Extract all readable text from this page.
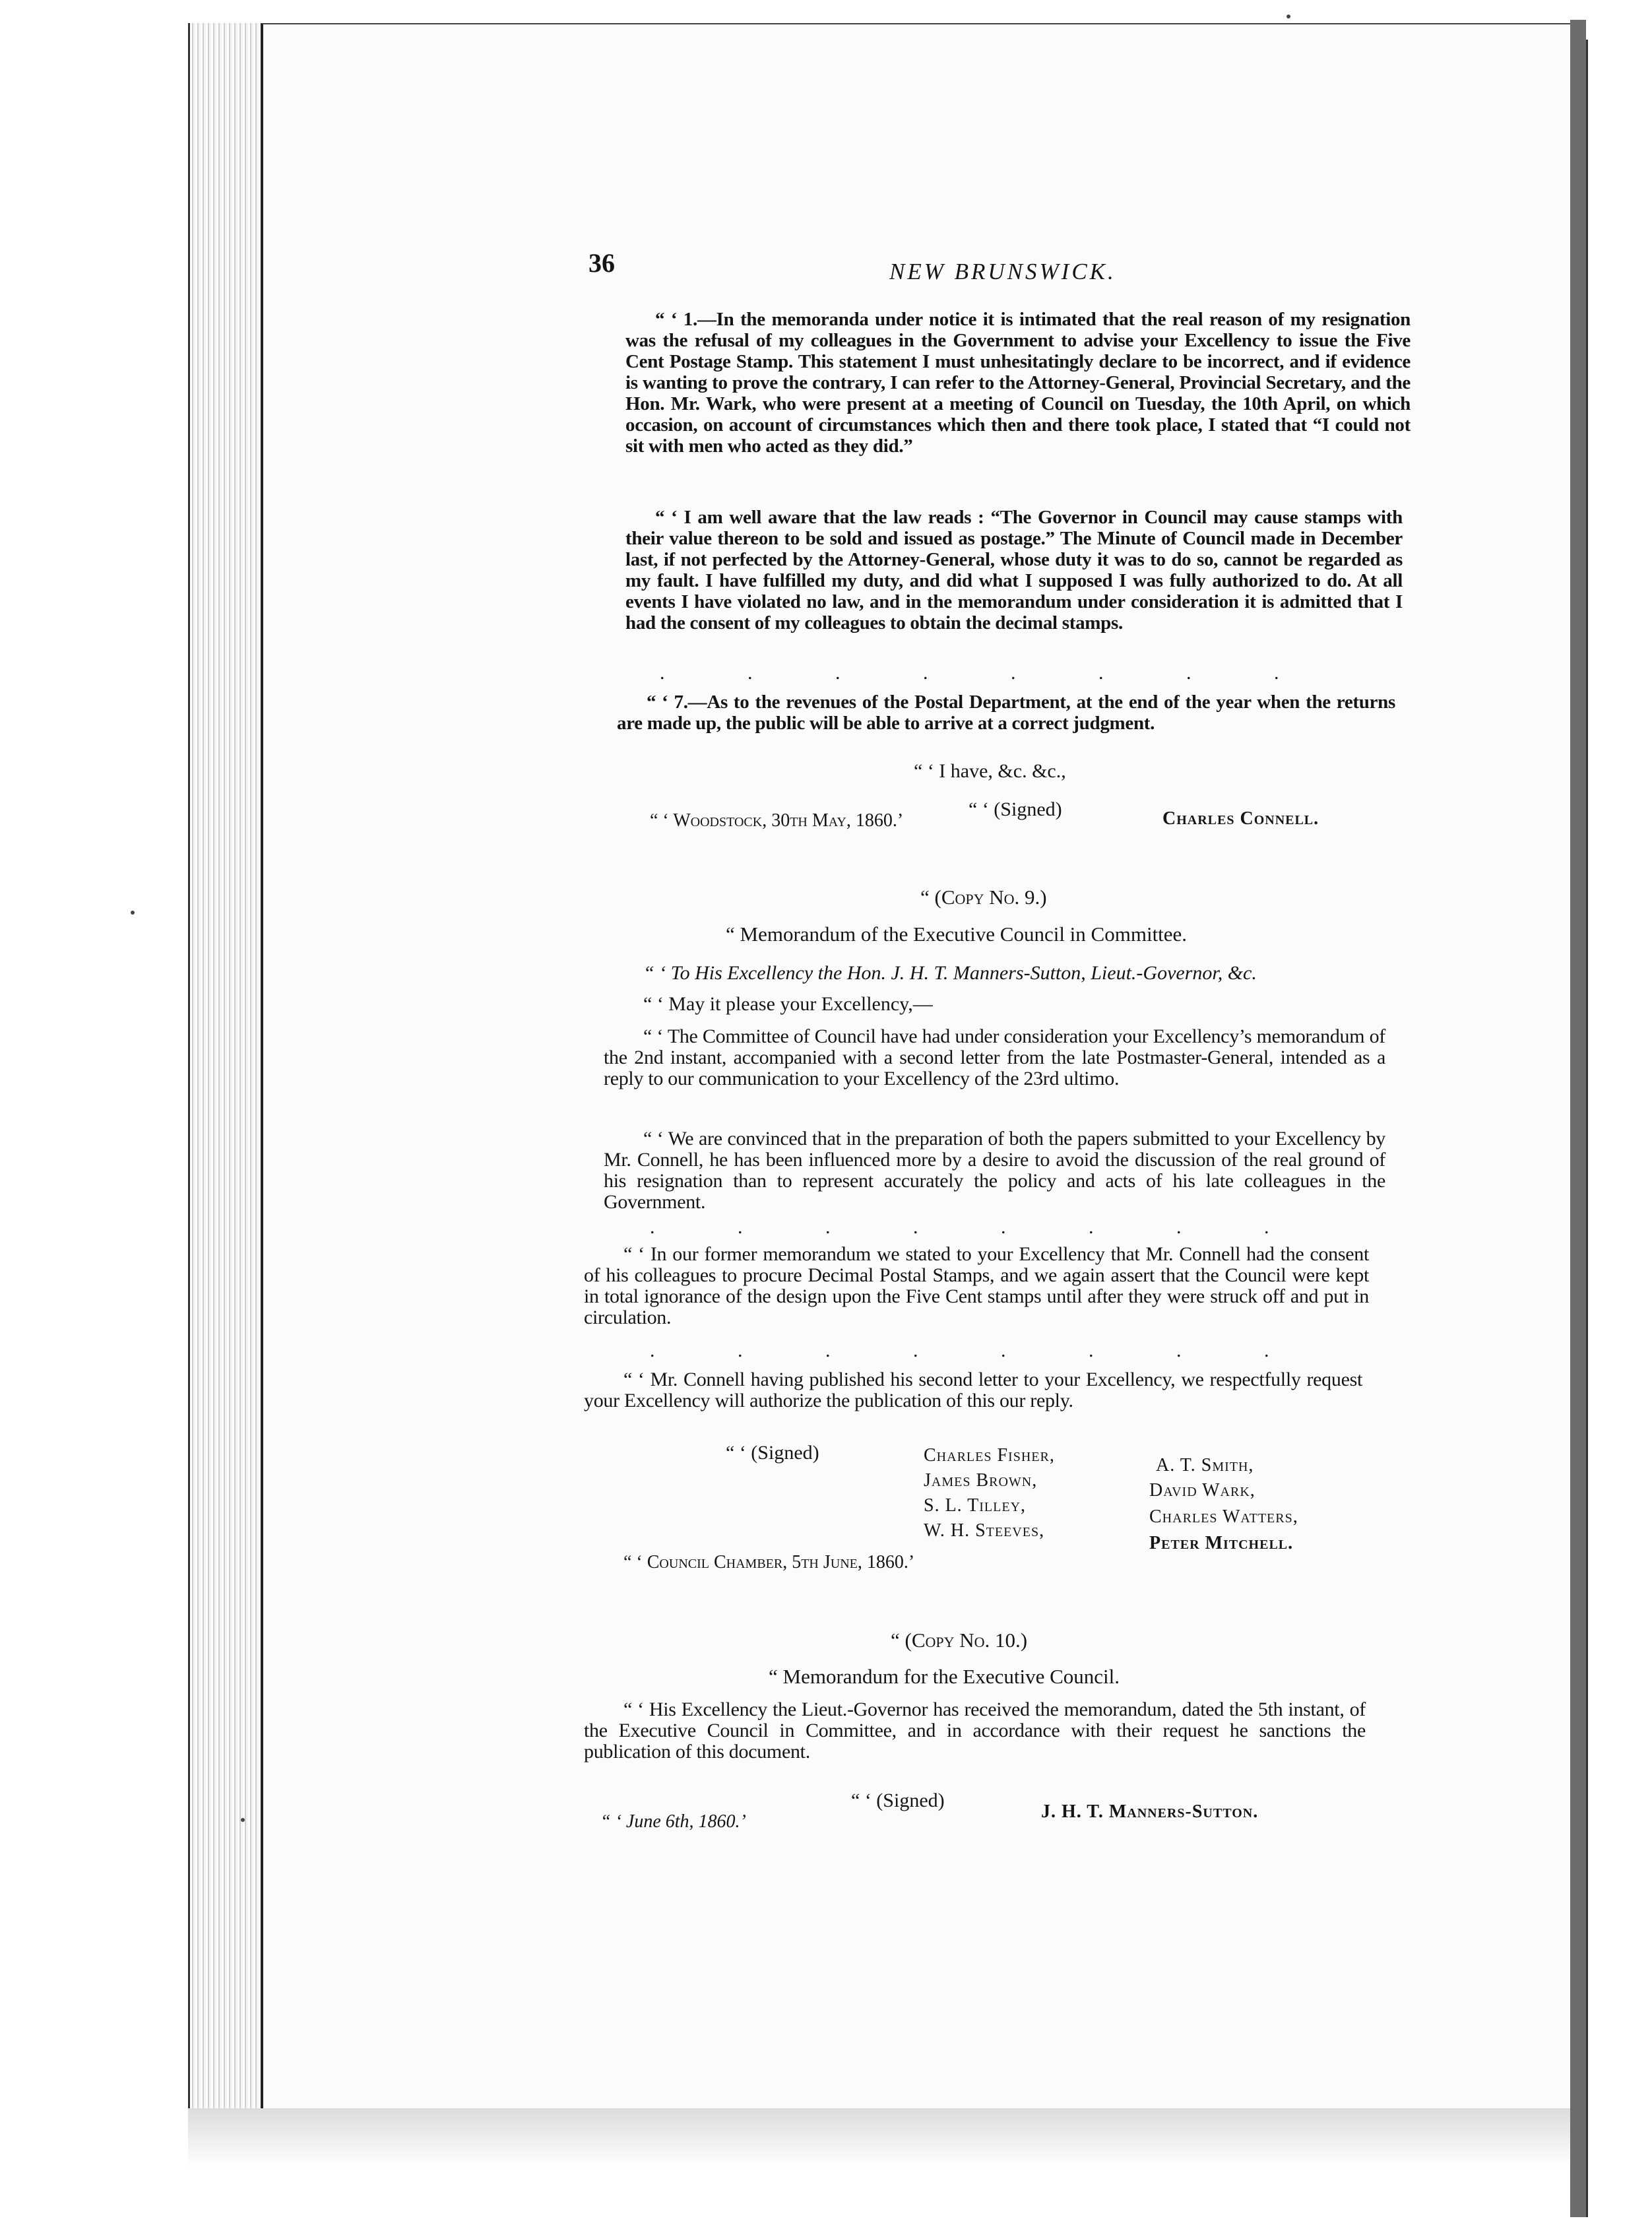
36	NEW BRUNSWICK.
“ ‘ 1.—In the memoranda under notice it is intimated that the real reason of my resignation was the refusal of my colleagues in the Government to advise your Excellency to issue the Five Cent Postage Stamp. This statement I must unhesitatingly declare to be incorrect, and if evidence is wanting to prove the contrary, I can refer to the Attorney-General, Provincial Secretary, and the Hon. Mr. Wark, who were present at a meeting of Council on Tuesday, the 10th April, on which occasion, on account of circumstances which then and there took place, I stated that “I could not sit with men who acted as they did.”
“ ‘ I am well aware that the law reads : “The Governor in Council may cause stamps with their value thereon to be sold and issued as postage.” The Minute of Council made in December last, if not perfected by the Attorney-General, whose duty it was to do so, cannot be regarded as my fault. I have fulfilled my duty, and did what I supposed I was fully authorized to do. At all events I have violated no law, and in the memorandum under consideration it is admitted that I had the consent of my colleagues to obtain the decimal stamps.
. . . . . . . .
“ ‘ 7.—As to the revenues of the Postal Department, at the end of the year when the returns are made up, the public will be able to arrive at a correct judgment.
“ ‘ I have, &c. &c.,
“ ‘ Woodstock, 30th May, 1860.’
“ ‘ (Signed)	Charles Connell.
“ (Copy No. 9.)
“ Memorandum of the Executive Council in Committee.
“ ‘ To His Excellency the Hon. J. H. T. Manners-Sutton, Lieut.-Governor, &c.
“ ‘ May it please your Excellency,—
“ ‘ The Committee of Council have had under consideration your Excellency’s memorandum of the 2nd instant, accompanied with a second letter from the late Postmaster-General, intended as a reply to our communication to your Excellency of the 23rd ultimo.
“ ‘ We are convinced that in the preparation of both the papers submitted to your Excellency by Mr. Connell, he has been influenced more by a desire to avoid the discussion of the real ground of his resignation than to represent accurately the policy and acts of his late colleagues in the Government.
. . . . . . . .
“ ‘ In our former memorandum we stated to your Excellency that Mr. Connell had the consent of his colleagues to procure Decimal Postal Stamps, and we again assert that the Council were kept in total ignorance of the design upon the Five Cent stamps until after they were struck off and put in circulation.
. . . . . . . .
“ ‘ Mr. Connell having published his second letter to your Excellency, we respectfully request your Excellency will authorize the publication of this our reply.
“ ‘ (Signed)	Charles Fisher,
James Brown,
S. L. Tilley,
W. H. Steeves,
A. T. Smith,
David Wark,
Charles Watters,
Peter Mitchell.
“ ‘ Council Chamber, 5th June, 1860.’
“ (Copy No. 10.)
“ Memorandum for the Executive Council.
“ ‘ His Excellency the Lieut.-Governor has received the memorandum, dated the 5th instant, of the Executive Council in Committee, and in accordance with their request he sanctions the publication of this document.
“ ‘ June 6th, 1860.’
“ ‘ (Signed)
J. H. T. Manners-Sutton.
